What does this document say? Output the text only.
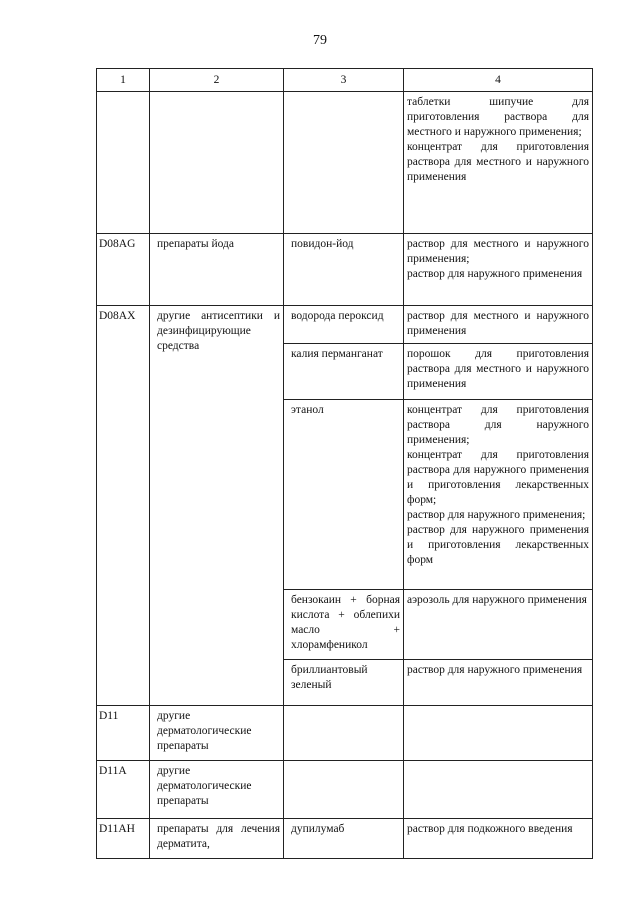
79
1	2	3	4

			таблетки шипучие для приготовления раствора для местного и наружного применения;
концентрат для приготовления раствора для местного и наружного применения

D08AG	препараты йода	повидон-йод	раствор для местного и наружного применения;
раствор для наружного применения

D08AX	другие антисептики и дезинфицирующие средства	водорода пероксид	раствор для местного и наружного применения

		калия перманганат	порошок для приготовления раствора для местного и наружного применения

		этанол	концентрат для приготовления раствора для наружного применения;
концентрат для приготовления раствора для наружного применения и приготовления лекарственных форм;
раствор для наружного применения;
раствор для наружного применения и приготовления лекарственных форм

		бензокаин + борная кислота + облепихи масло + хлорамфеникол	аэрозоль для наружного применения

		бриллиантовый зеленый	раствор для наружного применения

D11	другие дерматологические препараты		
D11A	другие дерматологические препараты		
D11AH	препараты для лечения дерматита,	дупилумаб	раствор для подкожного введения
